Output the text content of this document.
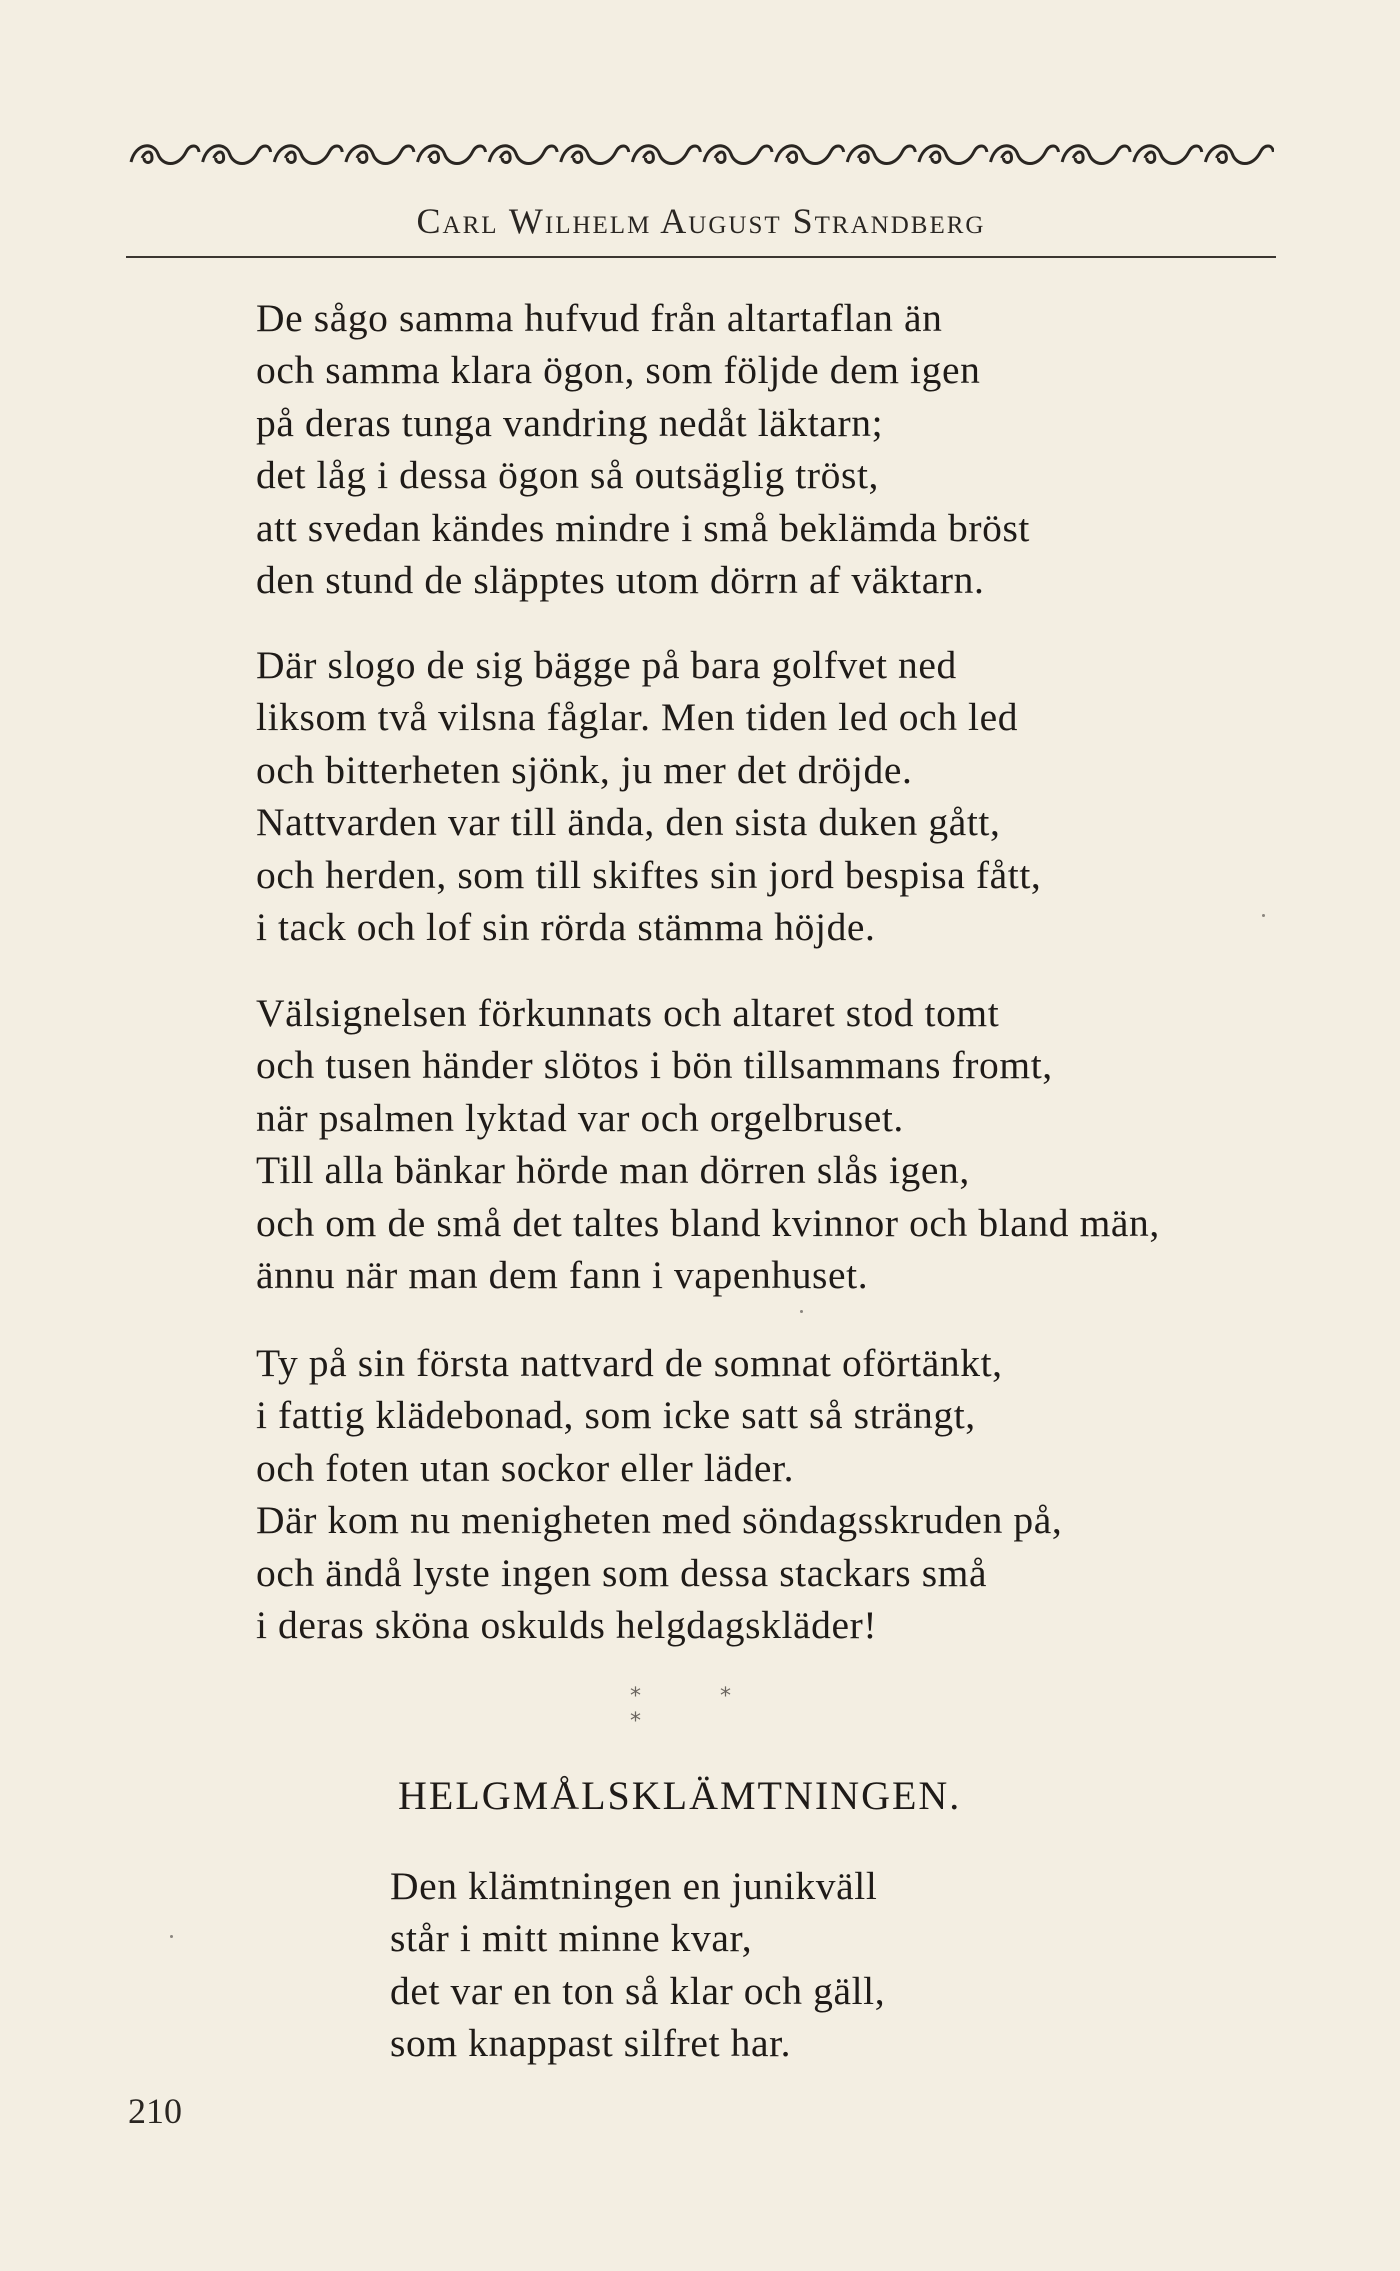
Carl Wilhelm August Strandberg
De sågo samma hufvud från altartaflan än
och samma klara ögon, som följde dem igen
på deras tunga vandring nedåt läktarn;
det låg i dessa ögon så outsäglig tröst,
att svedan kändes mindre i små beklämda bröst
den stund de släpptes utom dörrn af väktarn.
Där slogo de sig bägge på bara golfvet ned
liksom två vilsna fåglar. Men tiden led och led
och bitterheten sjönk, ju mer det dröjde.
Nattvarden var till ända, den sista duken gått,
och herden, som till skiftes sin jord bespisa fått,
i tack och lof sin rörda stämma höjde.
Välsignelsen förkunnats och altaret stod tomt
och tusen händer slötos i bön tillsammans fromt,
när psalmen lyktad var och orgelbruset.
Till alla bänkar hörde man dörren slås igen,
och om de små det taltes bland kvinnor och bland män,
ännu när man dem fann i vapenhuset.
Ty på sin första nattvard de somnat oförtänkt,
i fattig klädebonad, som icke satt så strängt,
och foten utan sockor eller läder.
Där kom nu menigheten med söndagsskruden på,
och ändå lyste ingen som dessa stackars små
i deras sköna oskulds helgdagskläder!
* * *
HELGMÅLSKLÄMTNINGEN.
Den klämtningen en junikväll
står i mitt minne kvar,
det var en ton så klar och gäll,
som knappast silfret har.
210
